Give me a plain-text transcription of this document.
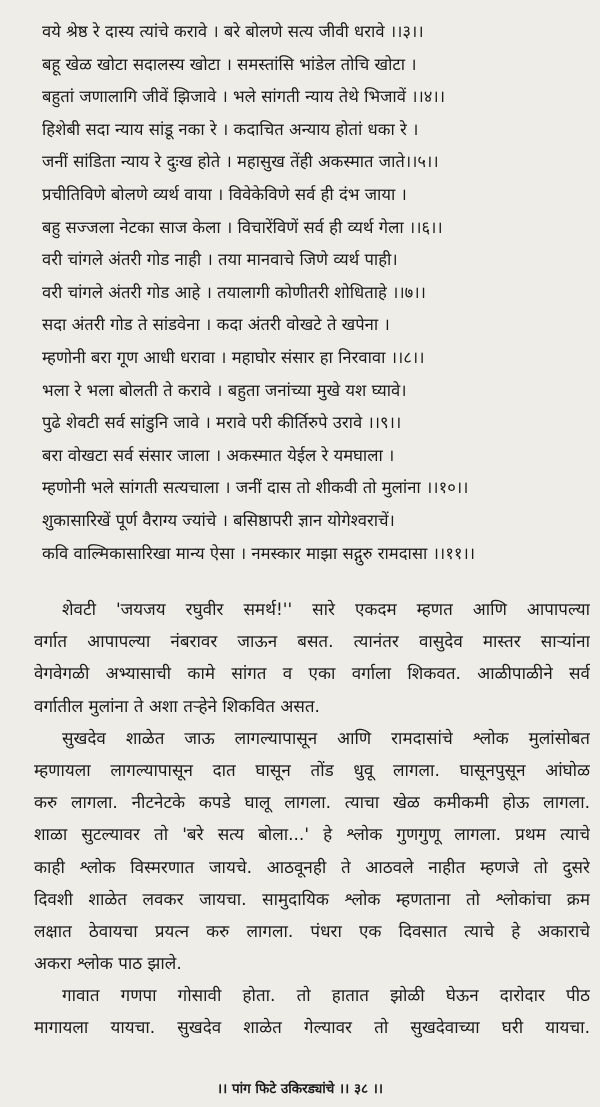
वये श्रेष्ठ रे दास्य त्यांचे करावे । बरे बोलणे सत्य जीवी धरावे ।।३।।
बहू खेळ खोटा सदालस्य खोटा । समस्तांसि भांडेल तोचि खोटा ।
बहुतां जणालागि जीवें झिजावे । भले सांगती न्याय तेथे भिजावें ।।४।।
हिशेबी सदा न्याय सांडू नका रे । कदाचित अन्याय होतां धका रे ।
जनीं सांडिता न्याय रे दुःख होते । महासुख तेंही अकस्मात जाते।।५।।
प्रचीतिविणे बोलणे व्यर्थ वाया । विवेकेविणे सर्व ही दंभ जाया ।
बहु सज्जला नेटका साज केला । विचारेंविणें सर्व ही व्यर्थ गेला ।।६।।
वरी चांगले अंतरी गोड नाही । तया मानवाचे जिणे व्यर्थ पाही।
वरी चांगले अंतरी गोड आहे । तयालागी कोणीतरी शोधिताहे ।।७।।
सदा अंतरी गोड ते सांडवेना । कदा अंतरी वोखटे ते खपेना ।
म्हणोनी बरा गूण आधी धरावा । महाघोर संसार हा निरवावा ।।८।।
भला रे भला बोलती ते करावे । बहुता जनांच्या मुखे यश घ्यावे।
पुढे शेवटी सर्व सांडुनि जावे । मरावे परी कीर्तिरुपे उरावे ।।९।।
बरा वोखटा सर्व संसार जाला । अकस्मात येईल रे यमघाला ।
म्हणोनी भले सांगती सत्यचाला । जनीं दास तो शीकवी तो मुलांना ।।१०।।
शुकासारिखें पूर्ण वैराग्य ज्यांचे । बसिष्ठापरी ज्ञान योगेश्वराचें।
कवि वाल्मिकासारिखा मान्य ऐसा । नमस्कार माझा सद्गुरु रामदासा ।।११।।
शेवटी 'जयजय रघुवीर समर्थ!'' सारे एकदम म्हणत आणि आपापल्या
वर्गात आपापल्या नंबरावर जाऊन बसत. त्यानंतर वासुदेव मास्तर साऱ्यांना
वेगवेगळी अभ्यासाची कामे सांगत व एका वर्गाला शिकवत. आळीपाळीने सर्व
वर्गातील मुलांना ते अशा तऱ्हेने शिकवित असत.
सुखदेव शाळेत जाऊ लागल्यापासून आणि रामदासांचे श्लोक मुलांसोबत
म्हणायला लागल्यापासून दात घासून तोंड धुवू लागला. घासूनपुसून आंघोळ
करु लागला. नीटनेटके कपडे घालू लागला. त्याचा खेळ कमीकमी होऊ लागला.
शाळा सुटल्यावर तो 'बरे सत्य बोला...' हे श्लोक गुणगुणू लागला. प्रथम त्याचे
काही श्लोक विस्मरणात जायचे. आठवूनही ते आठवले नाहीत म्हणजे तो दुसरे
दिवशी शाळेत लवकर जायचा. सामुदायिक श्लोक म्हणताना तो श्लोकांचा क्रम
लक्षात ठेवायचा प्रयत्न करु लागला. पंधरा एक दिवसात त्याचे हे अकाराचे
अकरा श्लोक पाठ झाले.
गावात गणपा गोसावी होता. तो हातात झोळी घेऊन दारोदार पीठ
मागायला यायचा. सुखदेव शाळेत गेल्यावर तो सुखदेवाच्या घरी यायचा.
।। पांग फिटे उकिरड्यांचे ।। ३८ ।।
